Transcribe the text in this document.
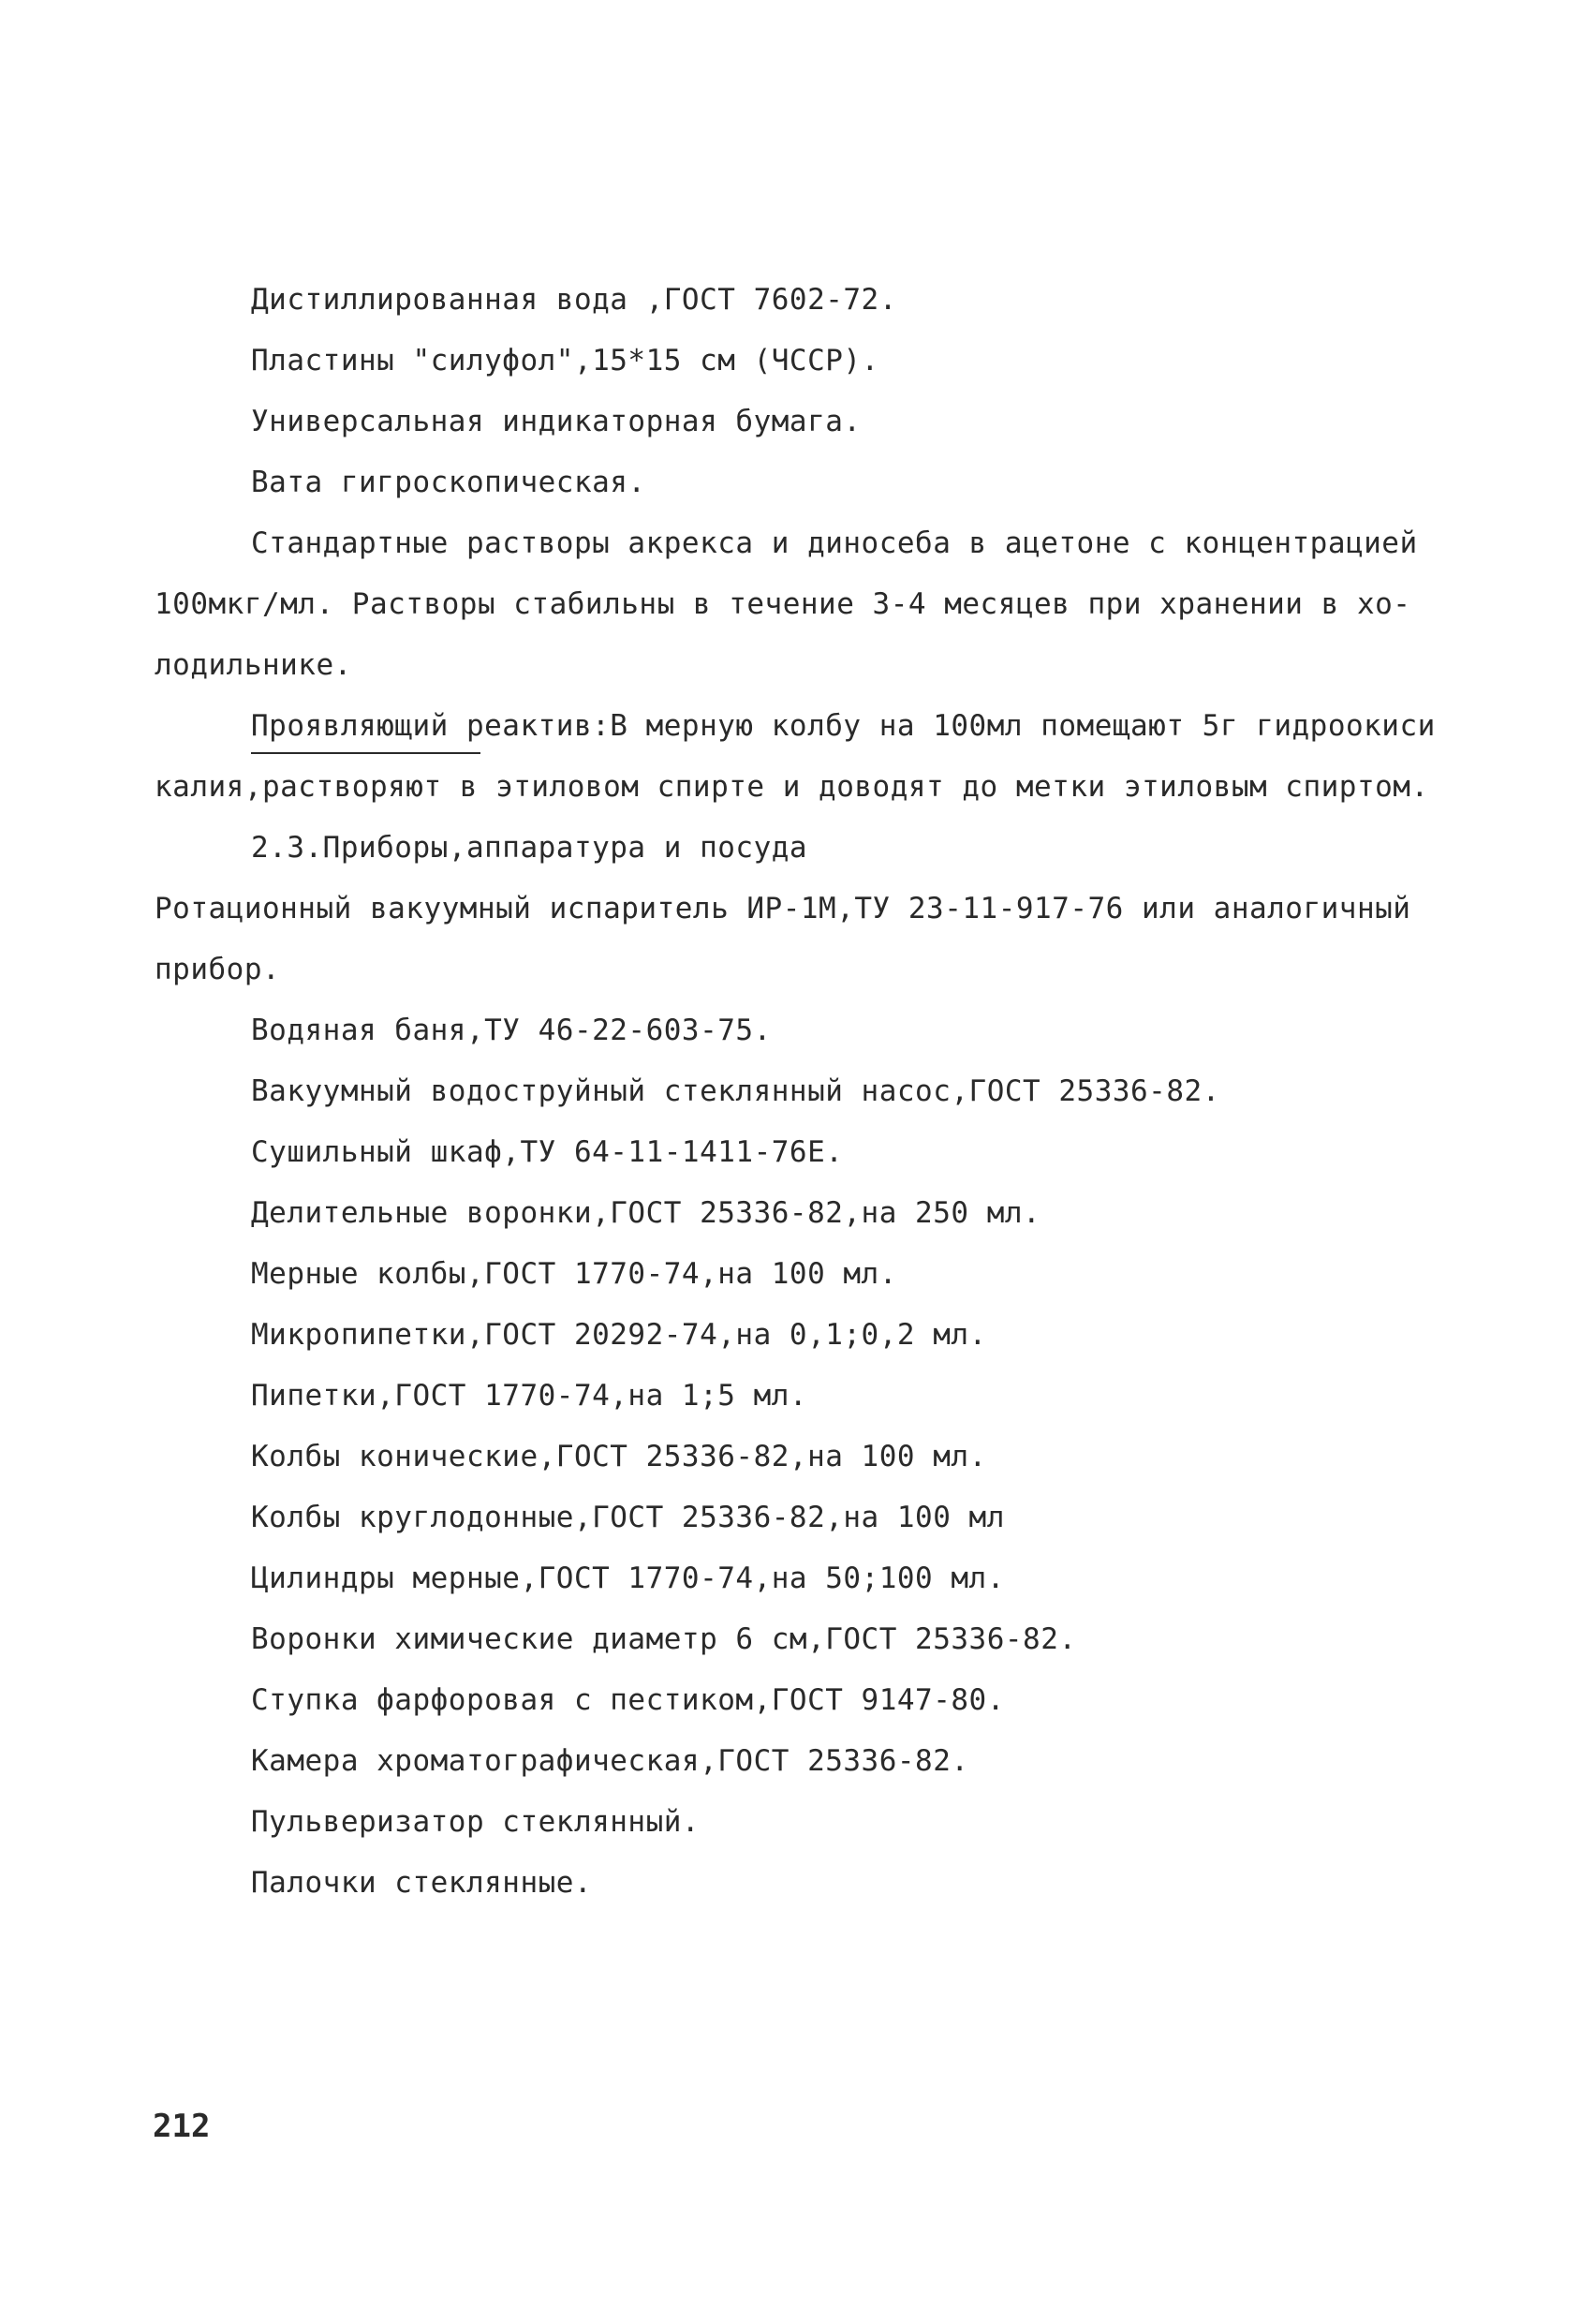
Дистиллированная вода ,ГОСТ 7602-72.
Пластины "силуфол",15*15 см (ЧССР).
Универсальная индикаторная бумага.
Вата гигроскопическая.
Стандартные растворы акрекса и диносеба в ацетоне с концентрацией
100мкг/мл. Растворы стабильны в течение 3-4 месяцев при хранении в хо-
лодильнике.
Проявляющий реактив:В мерную колбу на 100мл помещают 5г гидроокиси
калия,растворяют в этиловом спирте и доводят до метки этиловым спиртом.
2.3.Приборы,аппаратура и посуда
Ротационный вакуумный испаритель ИР-1М,ТУ 23-11-917-76 или аналогичный
прибор.
Водяная баня,ТУ 46-22-603-75.
Вакуумный водоструйный стеклянный насос,ГОСТ 25336-82.
Сушильный шкаф,ТУ 64-11-1411-76Е.
Делительные воронки,ГОСТ 25336-82,на 250 мл.
Мерные колбы,ГОСТ 1770-74,на 100 мл.
Микропипетки,ГОСТ 20292-74,на 0,1;0,2 мл.
Пипетки,ГОСТ 1770-74,на 1;5 мл.
Колбы конические,ГОСТ 25336-82,на 100 мл.
Колбы круглодонные,ГОСТ 25336-82,на 100 мл
Цилиндры мерные,ГОСТ 1770-74,на 50;100 мл.
Воронки химические диаметр 6 см,ГОСТ 25336-82.
Ступка фарфоровая с пестиком,ГОСТ 9147-80.
Камера хроматографическая,ГОСТ 25336-82.
Пульверизатор стеклянный.
Палочки стеклянные.
212
